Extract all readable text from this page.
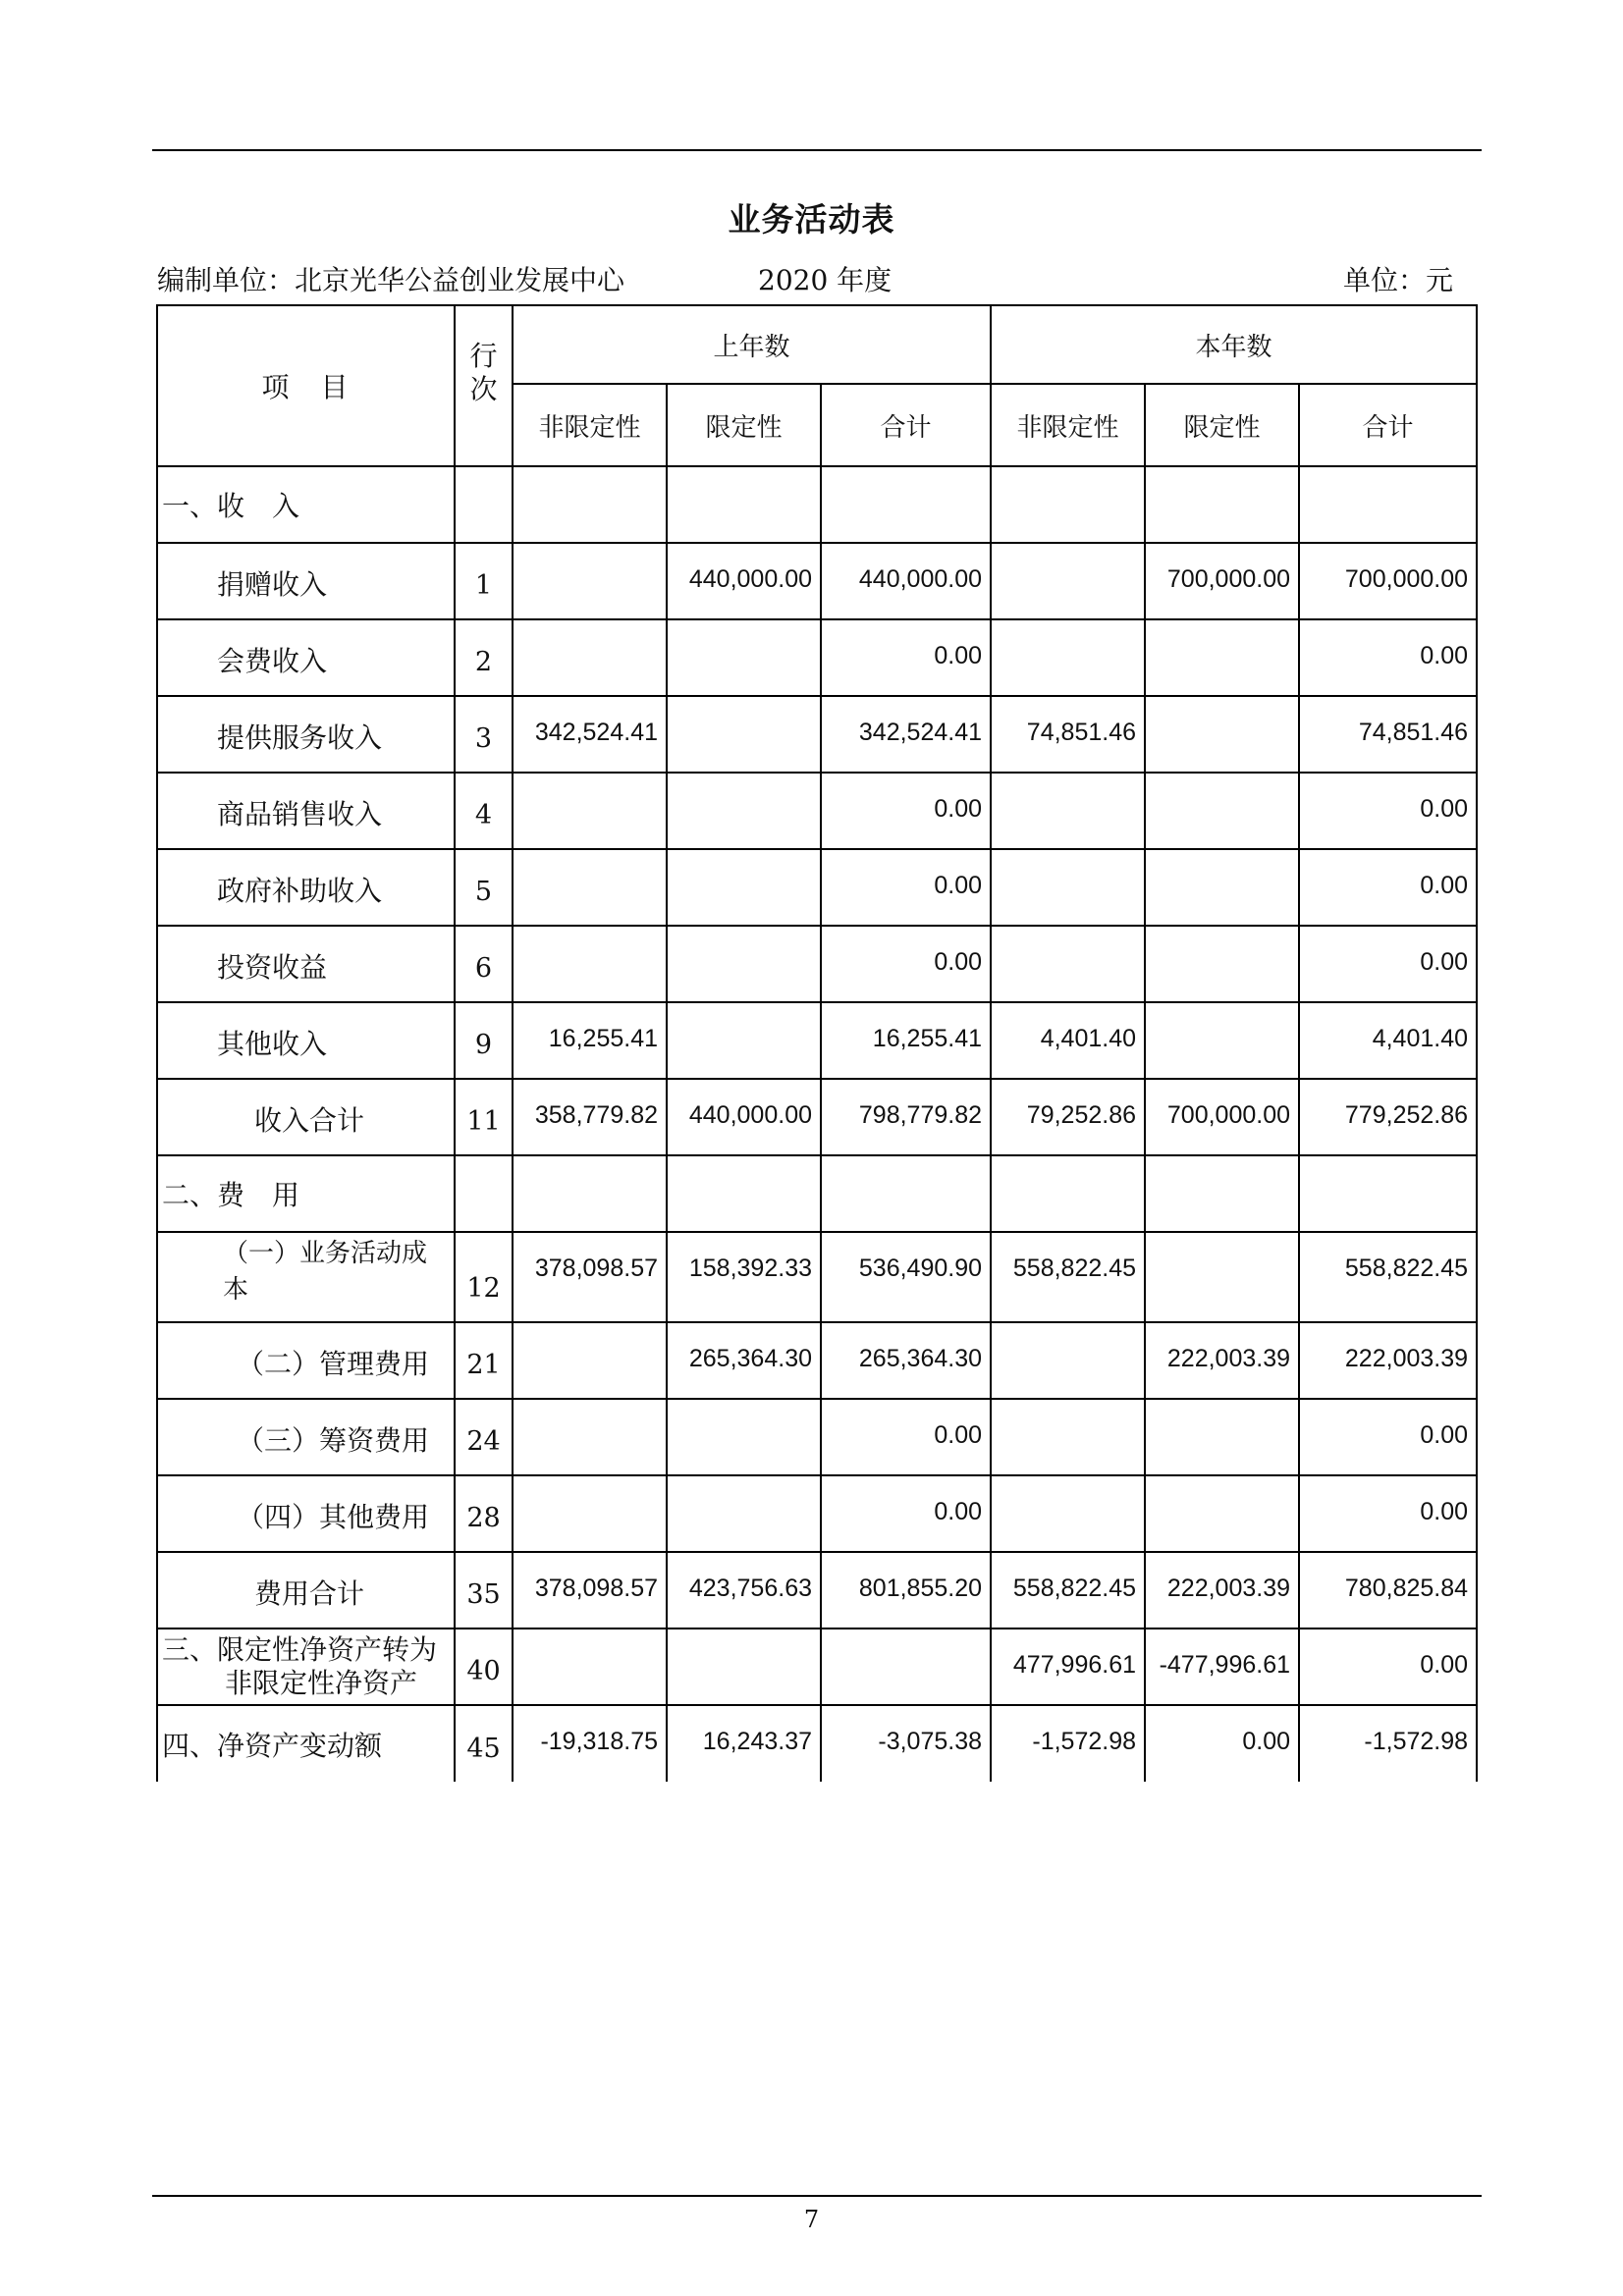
业务活动表
编制单位：北京光华公益创业发展中心	2020 年度	单位：元
项　目	行次	上年数			本年数		
		非限定性	限定性	合计	非限定性	限定性	合计
一、收　入							
捐赠收入	1		440,000.00	440,000.00		700,000.00	700,000.00
会费收入	2			0.00			0.00
提供服务收入	3	342,524.41		342,524.41	74,851.46		74,851.46
商品销售收入	4			0.00			0.00
政府补助收入	5			0.00			0.00
投资收益	6			0.00			0.00
其他收入	9	16,255.41		16,255.41	4,401.40		4,401.40
收入合计	11	358,779.82	440,000.00	798,779.82	79,252.86	700,000.00	779,252.86
二、费　用							
（一）业务活动成本	12	378,098.57	158,392.33	536,490.90	558,822.45		558,822.45
（二）管理费用	21		265,364.30	265,364.30		222,003.39	222,003.39
（三）筹资费用	24			0.00			0.00
（四）其他费用	28			0.00			0.00
费用合计	35	378,098.57	423,756.63	801,855.20	558,822.45	222,003.39	780,825.84
三、限定性净资产转为
非限定性净资产	40				477,996.61	-477,996.61	0.00
四、净资产变动额	45	-19,318.75	16,243.37	-3,075.38	-1,572.98	0.00	-1,572.98
7
